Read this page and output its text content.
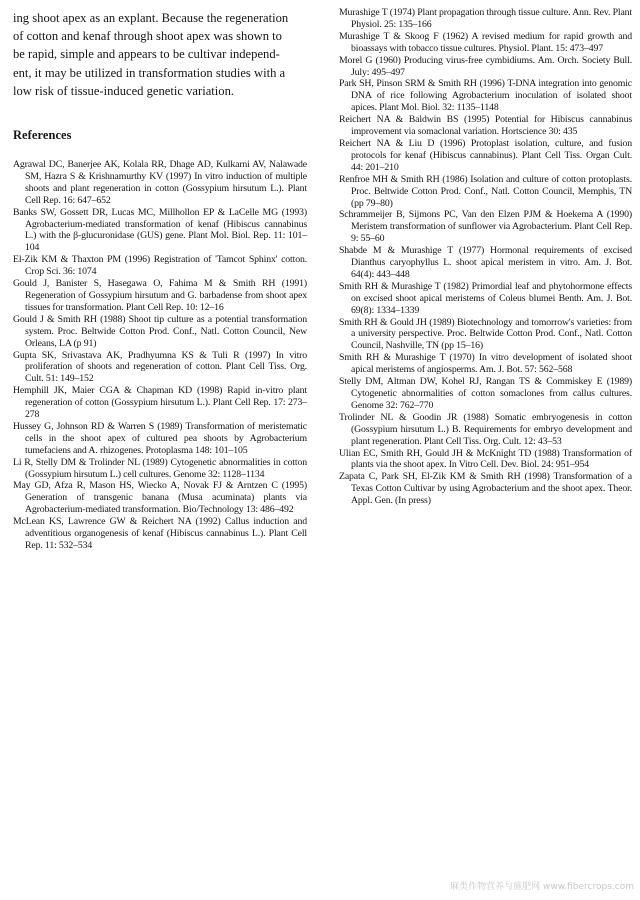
ing shoot apex as an explant. Because the regeneration
of cotton and kenaf through shoot apex was shown to
be rapid, simple and appears to be cultivar independ-
ent, it may be utilized in transformation studies with a
low risk of tissue-induced genetic variation.
References

Agrawal DC, Banerjee AK, Kolala RR, Dhage AD, Kulkarni AV, Nalawade SM, Hazra S & Krishnamurthy KV (1997) In vitro induction of multiple shoots and plant regeneration in cotton (Gossypium hirsutum L.). Plant Cell Rep. 16: 647–652

Banks SW, Gossett DR, Lucas MC, Millhollon EP & LaCelle MG (1993) Agrobacterium-mediated transformation of kenaf (Hibiscus cannabinus L.) with the β-glucuronidase (GUS) gene. Plant Mol. Biol. Rep. 11: 101–104

El-Zik KM & Thaxton PM (1996) Registration of 'Tamcot Sphinx' cotton. Crop Sci. 36: 1074

Gould J, Banister S, Hasegawa O, Fahima M & Smith RH (1991) Regeneration of Gossypium hirsutum and G. barbadense from shoot apex tissues for transformation. Plant Cell Rep. 10: 12–16

Gould J & Smith RH (1988) Shoot tip culture as a potential transformation system. Proc. Beltwide Cotton Prod. Conf., Natl. Cotton Council, New Orleans, LA (p 91)

Gupta SK, Srivastava AK, Pradhyumna KS & Tuli R (1997) In vitro proliferation of shoots and regeneration of cotton. Plant Cell Tiss. Org. Cult. 51: 149–152

Hemphill JK, Maier CGA & Chapman KD (1998) Rapid in-vitro plant regeneration of cotton (Gossypium hirsutum L.). Plant Cell Rep. 17: 273–278

Hussey G, Johnson RD & Warren S (1989) Transformation of meristematic cells in the shoot apex of cultured pea shoots by Agrobacterium tumefaciens and A. rhizogenes. Protoplasma 148: 101–105

Li R, Stelly DM & Trolinder NL (1989) Cytogenetic abnormalities in cotton (Gossypium hirsutum L.) cell cultures. Genome 32: 1128–1134

May GD, Afza R, Mason HS, Wiecko A, Novak FJ & Arntzen C (1995) Generation of transgenic banana (Musa acuminata) plants via Agrobacterium-mediated transformation. Bio/Technology 13: 486–492

McLean KS, Lawrence GW & Reichert NA (1992) Callus induction and adventitious organogenesis of kenaf (Hibiscus cannabinus L.). Plant Cell Rep. 11: 532–534

Murashige T (1974) Plant propagation through tissue culture. Ann. Rev. Plant Physiol. 25: 135–166

Murashige T & Skoog F (1962) A revised medium for rapid growth and bioassays with tobacco tissue cultures. Physiol. Plant. 15: 473–497

Morel G (1960) Producing virus-free cymbidiums. Am. Orch. Society Bull. July: 495–497

Park SH, Pinson SRM & Smith RH (1996) T-DNA integration into genomic DNA of rice following Agrobacterium inoculation of isolated shoot apices. Plant Mol. Biol. 32: 1135–1148

Reichert NA & Baldwin BS (1995) Potential for Hibiscus cannabinus improvement via somaclonal variation. Hortscience 30: 435

Reichert NA & Liu D (1996) Protoplast isolation, culture, and fusion protocols for kenaf (Hibiscus cannabinus). Plant Cell Tiss. Organ Cult. 44: 201–210

Renfroe MH & Smith RH (1986) Isolation and culture of cotton protoplasts. Proc. Beltwide Cotton Prod. Conf., Natl. Cotton Council, Memphis, TN (pp 79–80)

Schrammeijer B, Sijmons PC, Van den Elzen PJM & Hoekema A (1990) Meristem transformation of sunflower via Agrobacterium. Plant Cell Rep. 9: 55–60

Shabde M & Murashige T (1977) Hormonal requirements of excised Dianthus caryophyllus L. shoot apical meristem in vitro. Am. J. Bot. 64(4): 443–448

Smith RH & Murashige T (1982) Primordial leaf and phytohormone effects on excised shoot apical meristems of Coleus blumei Benth. Am. J. Bot. 69(8): 1334–1339

Smith RH & Gould JH (1989) Biotechnology and tomorrow's varieties: from a university perspective. Proc. Beltwide Cotton Prod. Conf., Natl. Cotton Council, Nashville, TN (pp 15–16)

Smith RH & Murashige T (1970) In vitro development of isolated shoot apical meristems of angiosperms. Am. J. Bot. 57: 562–568

Stelly DM, Altman DW, Kohel RJ, Rangan TS & Commiskey E (1989) Cytogenetic abnormalities of cotton somaclones from callus cultures. Genome 32: 762–770

Trolinder NL & Goodin JR (1988) Somatic embryogenesis in cotton (Gossypium hirsutum L.) B. Requirements for embryo development and plant regeneration. Plant Cell Tiss. Org. Cult. 12: 43–53

Ulian EC, Smith RH, Gould JH & McKnight TD (1988) Transformation of plants via the shoot apex. In Vitro Cell. Dev. Biol. 24: 951–954

Zapata C, Park SH, El-Zik KM & Smith RH (1998) Transformation of a Texas Cotton Cultivar by using Agrobacterium and the shoot apex. Theor. Appl. Gen. (In press)

麻类作物营养与施肥网 www.fibercrops.com
